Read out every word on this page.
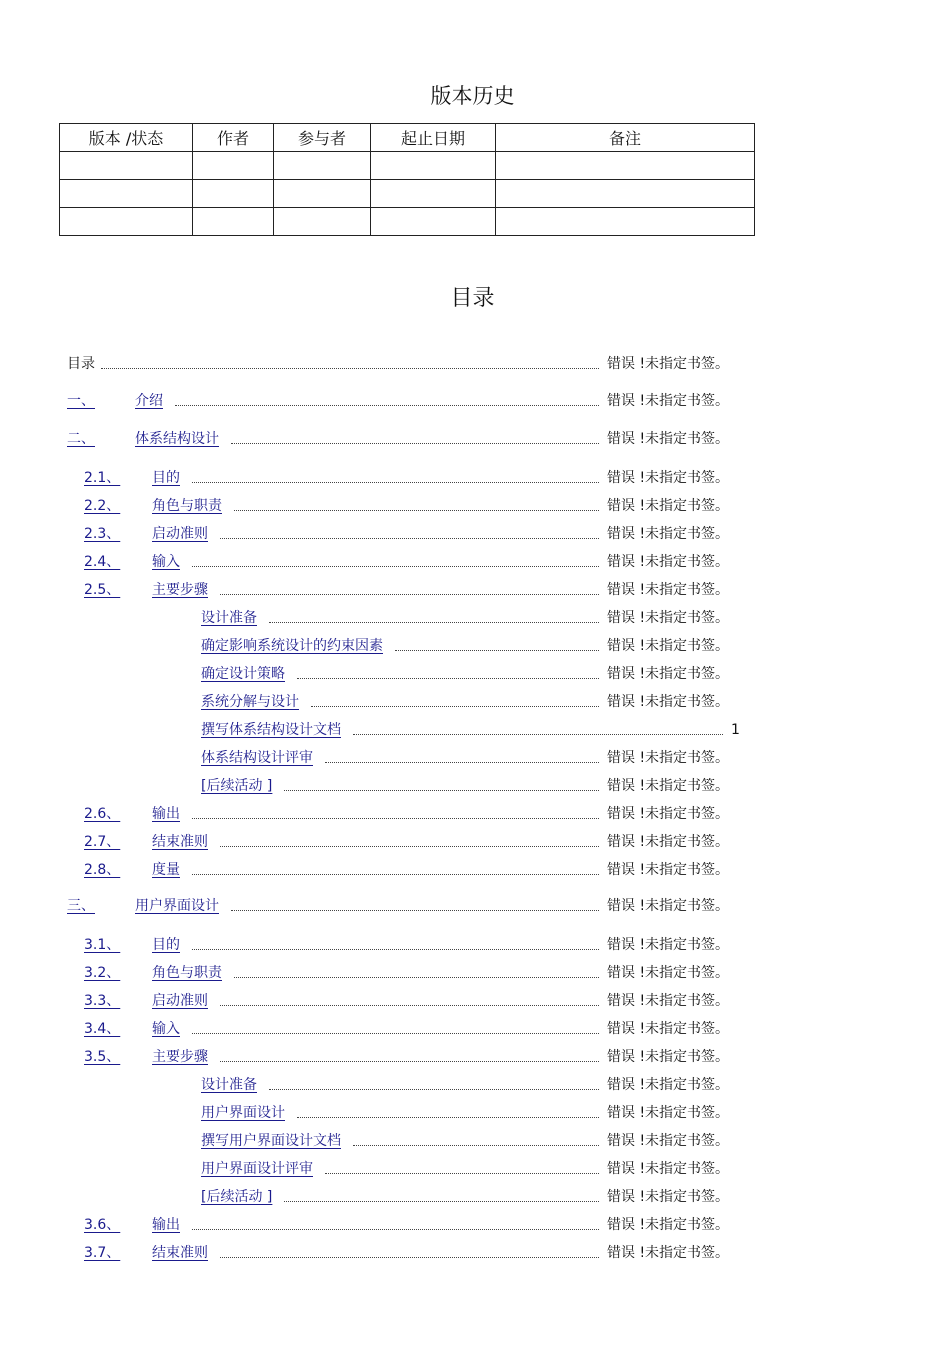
版本历史
版本 /状态	作者	参与者	起止日期	备注

目录
目录	错误 !未指定书签。
一、	介绍	错误 !未指定书签。
二、	体系结构设计	错误 !未指定书签。
2.1、 目的	错误 !未指定书签。
2.2、 角色与职责	错误 !未指定书签。
2.3、 启动准则	错误 !未指定书签。
2.4、 输入	错误 !未指定书签。
2.5、 主要步骤	错误 !未指定书签。
设计准备	错误 !未指定书签。
确定影响系统设计的约束因素	错误 !未指定书签。
确定设计策略	错误 !未指定书签。
系统分解与设计	错误 !未指定书签。
撰写体系结构设计文档	1
体系结构设计评审	错误 !未指定书签。
[后续活动 ]	错误 !未指定书签。
2.6、 输出	错误 !未指定书签。
2.7、 结束准则	错误 !未指定书签。
2.8、 度量	错误 !未指定书签。
三、	用户界面设计	错误 !未指定书签。
3.1、 目的	错误 !未指定书签。
3.2、 角色与职责	错误 !未指定书签。
3.3、 启动准则	错误 !未指定书签。
3.4、 输入	错误 !未指定书签。
3.5、 主要步骤	错误 !未指定书签。
设计准备	错误 !未指定书签。
用户界面设计	错误 !未指定书签。
撰写用户界面设计文档	错误 !未指定书签。
用户界面设计评审	错误 !未指定书签。
[后续活动 ]	错误 !未指定书签。
3.6、 输出	错误 !未指定书签。
3.7、 结束准则	错误 !未指定书签。
